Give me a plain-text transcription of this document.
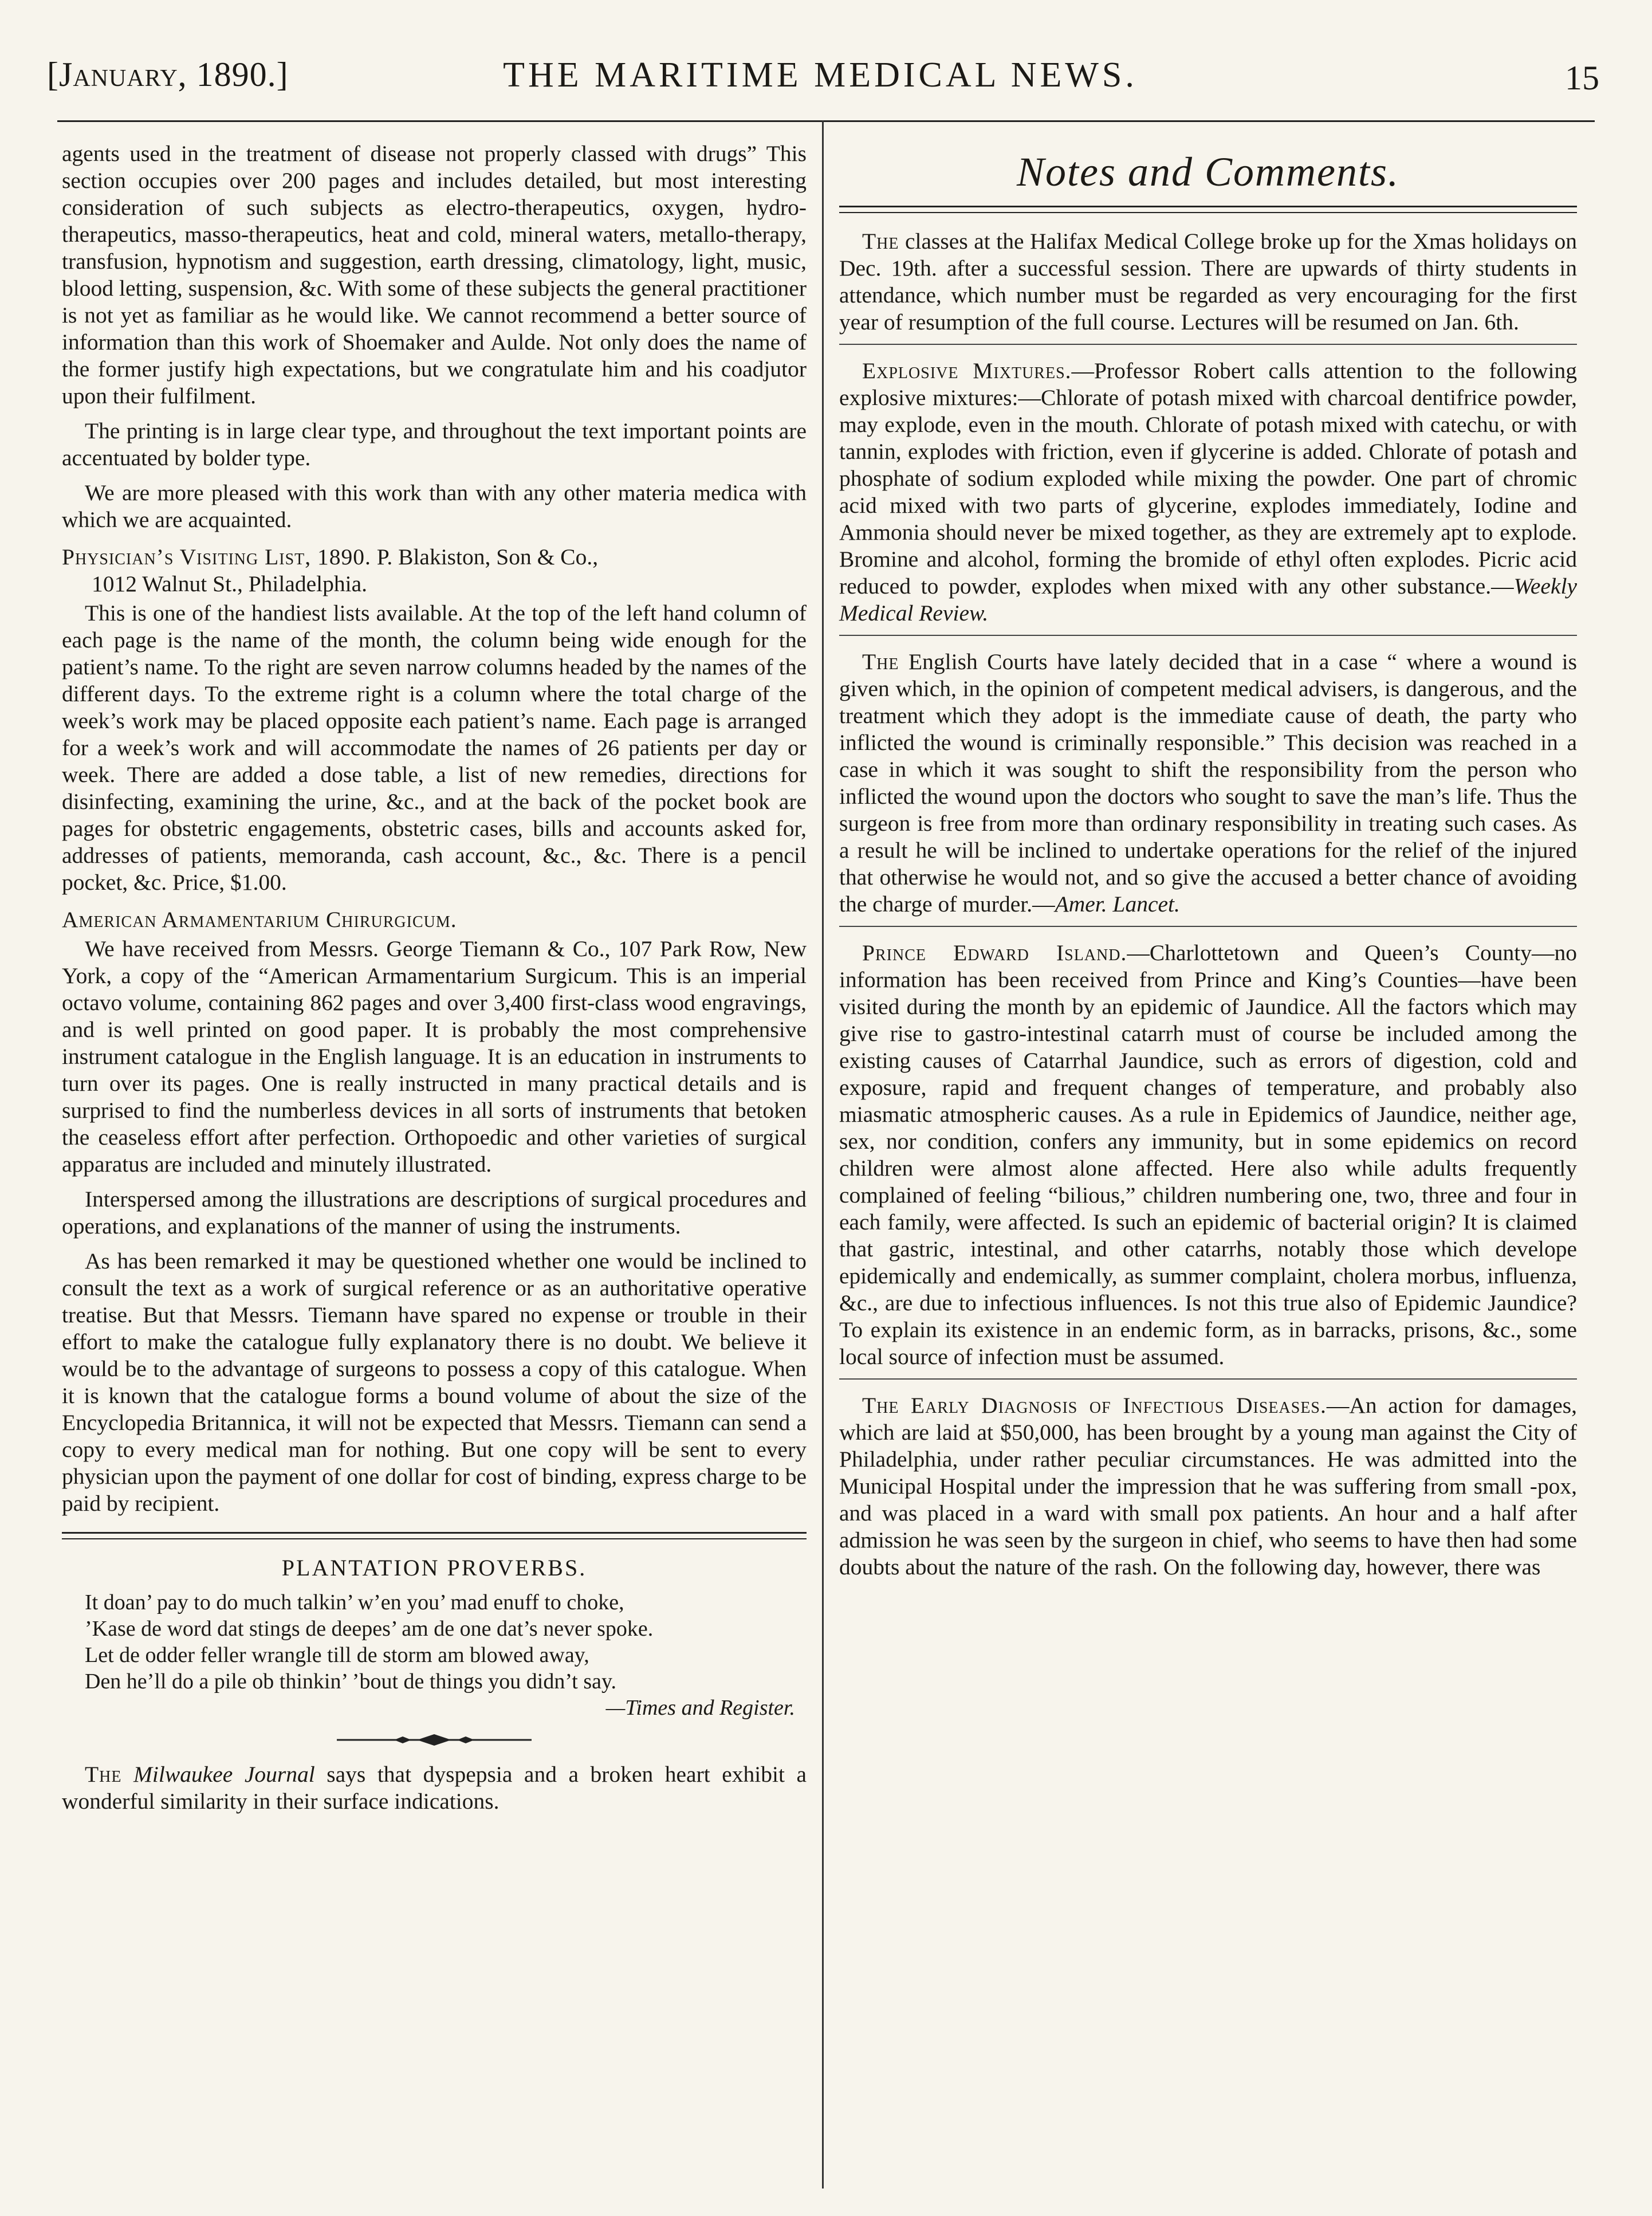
[January, 1890.]	THE MARITIME MEDICAL NEWS.	15

agents used in the treatment of disease not properly classed with drugs” This section occupies over 200 pages and includes detailed, but most interesting consideration of such subjects as electro-therapeutics, oxygen, hydro-therapeutics, masso-therapeutics, heat and cold, mineral waters, metallo-therapy, transfusion, hypnotism and suggestion, earth dressing, climatology, light, music, blood letting, suspension, &c. With some of these subjects the general practitioner is not yet as familiar as he would like. We cannot recommend a better source of information than this work of Shoemaker and Aulde. Not only does the name of the former justify high expectations, but we congratulate him and his coadjutor upon their fulfilment.

The printing is in large clear type, and throughout the text important points are accentuated by bolder type.

We are more pleased with this work than with any other materia medica with which we are acquainted.

Physician’s Visiting List, 1890. P. Blakiston, Son & Co.,
1012 Walnut St., Philadelphia.

This is one of the handiest lists available. At the top of the left hand column of each page is the name of the month, the column being wide enough for the patient’s name. To the right are seven narrow columns headed by the names of the different days. To the extreme right is a column where the total charge of the week’s work may be placed opposite each patient’s name. Each page is arranged for a week’s work and will accommodate the names of 26 patients per day or week. There are added a dose table, a list of new remedies, directions for disinfecting, examining the urine, &c., and at the back of the pocket book are pages for obstetric engagements, obstetric cases, bills and accounts asked for, addresses of patients, memoranda, cash account, &c., &c. There is a pencil pocket, &c. Price, $1.00.

American Armamentarium Chirurgicum.

We have received from Messrs. George Tiemann & Co., 107 Park Row, New York, a copy of the “American Armamentarium Surgicum. This is an imperial octavo volume, containing 862 pages and over 3,400 first-class wood engravings, and is well printed on good paper. It is probably the most comprehensive instrument catalogue in the English language. It is an education in instruments to turn over its pages. One is really instructed in many practical details and is surprised to find the numberless devices in all sorts of instruments that betoken the ceaseless effort after perfection. Orthopoedic and other varieties of surgical apparatus are included and minutely illustrated.

Interspersed among the illustrations are descriptions of surgical procedures and operations, and explanations of the manner of using the instruments.

As has been remarked it may be questioned whether one would be inclined to consult the text as a work of surgical reference or as an authoritative operative treatise. But that Messrs. Tiemann have spared no expense or trouble in their effort to make the catalogue fully explanatory there is no doubt. We believe it would be to the advantage of surgeons to possess a copy of this catalogue. When it is known that the catalogue forms a bound volume of about the size of the Encyclopedia Britannica, it will not be expected that Messrs. Tiemann can send a copy to every medical man for nothing. But one copy will be sent to every physician upon the payment of one dollar for cost of binding, express charge to be paid by recipient.

PLANTATION PROVERBS.
It doan’ pay to do much talkin’ w’en you’ mad enuff to choke,
’Kase de word dat stings de deepes’ am de one dat’s never spoke.
Let de odder feller wrangle till de storm am blowed away,
Den he’ll do a pile ob thinkin’ ’bout de things you didn’t say.
—Times and Register.

The Milwaukee Journal says that dyspepsia and a broken heart exhibit a wonderful similarity in their surface indications.

Notes and Comments.

The classes at the Halifax Medical College broke up for the Xmas holidays on Dec. 19th. after a successful session. There are upwards of thirty students in attendance, which number must be regarded as very encouraging for the first year of resumption of the full course. Lectures will be resumed on Jan. 6th.

Explosive Mixtures.—Professor Robert calls attention to the following explosive mixtures:—Chlorate of potash mixed with charcoal dentifrice powder, may explode, even in the mouth. Chlorate of potash mixed with catechu, or with tannin, explodes with friction, even if glycerine is added. Chlorate of potash and phosphate of sodium exploded while mixing the powder. One part of chromic acid mixed with two parts of glycerine, explodes immediately, Iodine and Ammonia should never be mixed together, as they are extremely apt to explode. Bromine and alcohol, forming the bromide of ethyl often explodes. Picric acid reduced to powder, explodes when mixed with any other substance.—Weekly Medical Review.

The English Courts have lately decided that in a case “ where a wound is given which, in the opinion of competent medical advisers, is dangerous, and the treatment which they adopt is the immediate cause of death, the party who inflicted the wound is criminally responsible.” This decision was reached in a case in which it was sought to shift the responsibility from the person who inflicted the wound upon the doctors who sought to save the man’s life. Thus the surgeon is free from more than ordinary responsibility in treating such cases. As a result he will be inclined to undertake operations for the relief of the injured that otherwise he would not, and so give the accused a better chance of avoiding the charge of murder.—Amer. Lancet.

Prince Edward Island.—Charlottetown and Queen’s County—no information has been received from Prince and King’s Counties—have been visited during the month by an epidemic of Jaundice. All the factors which may give rise to gastro-intestinal catarrh must of course be included among the existing causes of Catarrhal Jaundice, such as errors of digestion, cold and exposure, rapid and frequent changes of temperature, and probably also miasmatic atmospheric causes. As a rule in Epidemics of Jaundice, neither age, sex, nor condition, confers any immunity, but in some epidemics on record children were almost alone affected. Here also while adults frequently complained of feeling “bilious,” children numbering one, two, three and four in each family, were affected. Is such an epidemic of bacterial origin? It is claimed that gastric, intestinal, and other catarrhs, notably those which develope epidemically and endemically, as summer complaint, cholera morbus, influenza, &c., are due to infectious influences. Is not this true also of Epidemic Jaundice? To explain its existence in an endemic form, as in barracks, prisons, &c., some local source of infection must be assumed.

The Early Diagnosis of Infectious Diseases.—An action for damages, which are laid at $50,000, has been brought by a young man against the City of Philadelphia, under rather peculiar circumstances. He was admitted into the Municipal Hospital under the impression that he was suffering from small -pox, and was placed in a ward with small pox patients. An hour and a half after admission he was seen by the surgeon in chief, who seems to have then had some doubts about the nature of the rash. On the following day, however, there was
